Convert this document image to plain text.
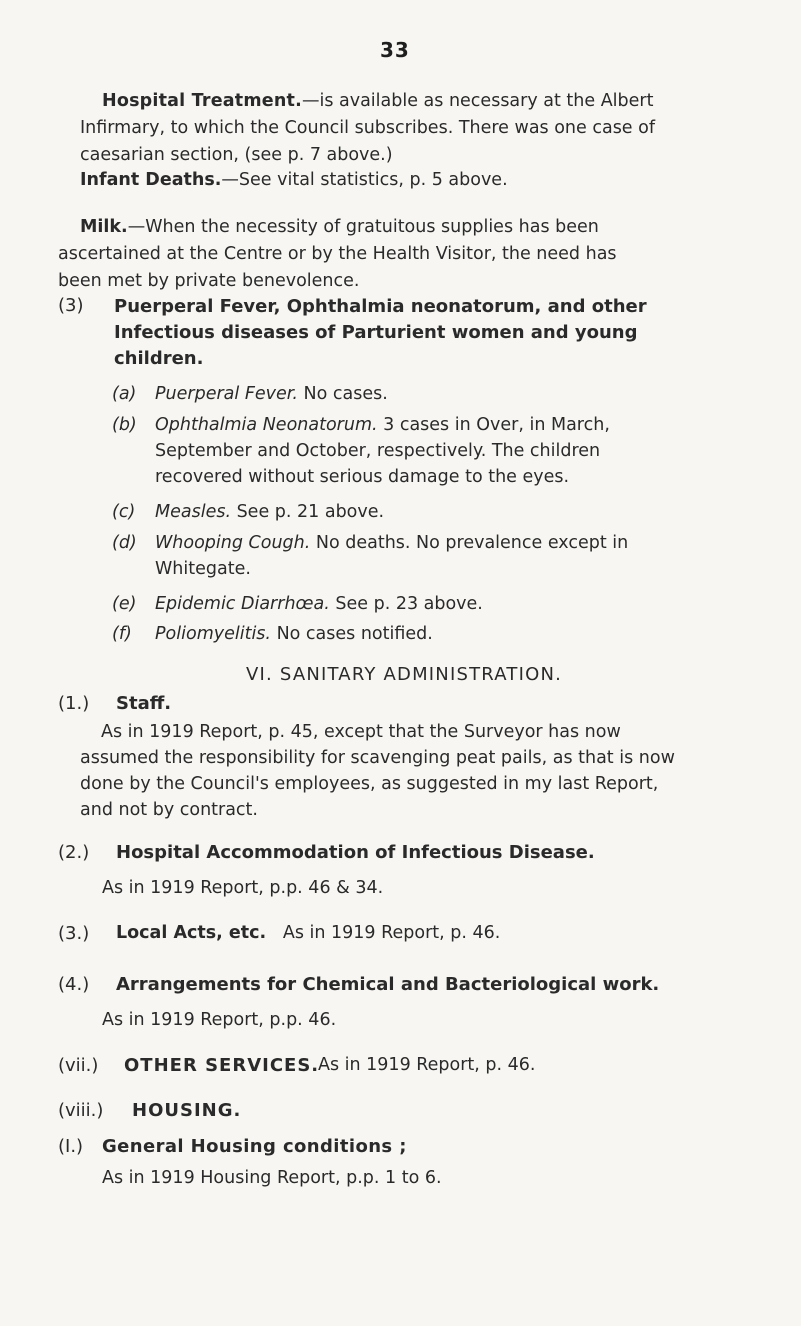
33
Hospital Treatment.—is available as necessary at the Albert
Infirmary, to which the Council subscribes. There was one case of
caesarian section, (see p. 7 above.)
Infant Deaths.—See vital statistics, p. 5 above.
Milk.—When the necessity of gratuitous supplies has been
ascertained at the Centre or by the Health Visitor, the need has
been met by private benevolence.
(3) Puerperal Fever, Ophthalmia neonatorum, and other
Infectious diseases of Parturient women and young
children.
(a) Puerperal Fever. No cases.
(b) Ophthalmia Neonatorum. 3 cases in Over, in March,
September and October, respectively. The children
recovered without serious damage to the eyes.
(c) Measles. See p. 21 above.
(d) Whooping Cough. No deaths. No prevalence except in
Whitegate.
(e) Epidemic Diarrhœa. See p. 23 above.
(f) Poliomyelitis. No cases notified.
VI. SANITARY ADMINISTRATION.
(1.) Staff.
As in 1919 Report, p. 45, except that the Surveyor has now
assumed the responsibility for scavenging peat pails, as that is now
done by the Council's employees, as suggested in my last Report,
and not by contract.
(2.) Hospital Accommodation of Infectious Disease.
As in 1919 Report, p.p. 46 & 34.
(3.) Local Acts, etc. As in 1919 Report, p. 46.
(4.) Arrangements for Chemical and Bacteriological work.
As in 1919 Report, p.p. 46.
(vii.) OTHER SERVICES.
As in 1919 Report, p. 46.
(viii.) HOUSING.
(I.) General Housing conditions ;
As in 1919 Housing Report, p.p. 1 to 6.
